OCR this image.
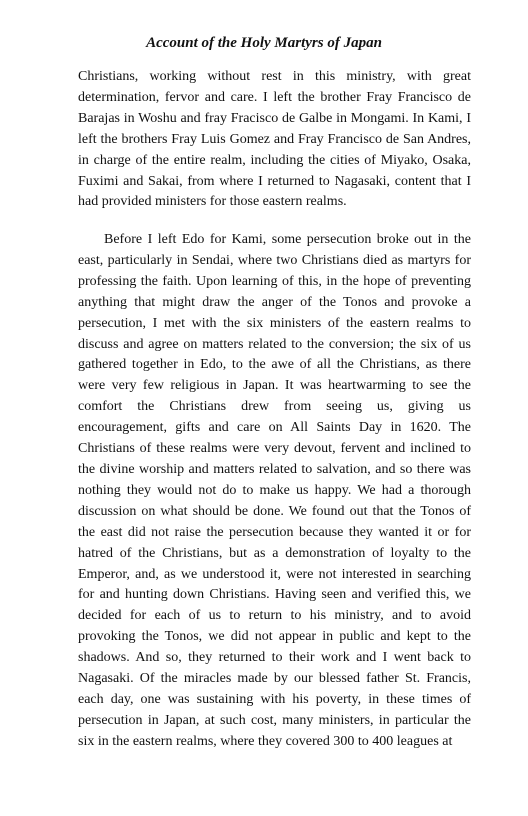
Account of the Holy Martyrs of Japan

Christians, working without rest in this ministry, with great determination, fervor and care. I left the brother Fray Francisco de Barajas in Woshu and fray Fracisco de Galbe in Mongami. In Kami, I left the brothers Fray Luis Gomez and Fray Francisco de San Andres, in charge of the entire realm, including the cities of Miyako, Osaka, Fuximi and Sakai, from where I returned to Nagasaki, content that I had provided ministers for those eastern realms.

Before I left Edo for Kami, some persecution broke out in the east, particularly in Sendai, where two Christians died as martyrs for professing the faith. Upon learning of this, in the hope of preventing anything that might draw the anger of the Tonos and provoke a persecution, I met with the six ministers of the eastern realms to discuss and agree on matters related to the conversion; the six of us gathered together in Edo, to the awe of all the Christians, as there were very few religious in Japan. It was heartwarming to see the comfort the Christians drew from seeing us, giving us encouragement, gifts and care on All Saints Day in 1620. The Christians of these realms were very devout, fervent and inclined to the divine worship and matters related to salvation, and so there was nothing they would not do to make us happy. We had a thorough discussion on what should be done. We found out that the Tonos of the east did not raise the persecution because they wanted it or for hatred of the Christians, but as a demonstration of loyalty to the Emperor, and, as we understood it, were not interested in searching for and hunting down Christians. Having seen and verified this, we decided for each of us to return to his ministry, and to avoid provoking the Tonos, we did not appear in public and kept to the shadows. And so, they returned to their work and I went back to Nagasaki. Of the miracles made by our blessed father St. Francis, each day, one was sustaining with his poverty, in these times of persecution in Japan, at such cost, many ministers, in particular the six in the eastern realms, where they covered 300 to 400 leagues at
